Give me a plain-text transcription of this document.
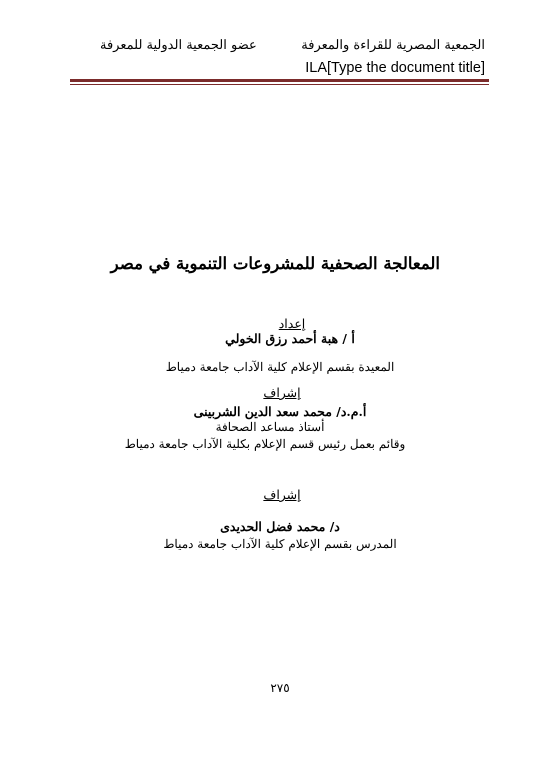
الجمعية المصرية للقراءة والمعرفة
عضو الجمعية الدولية للمعرفة
ILA[Type the document title]
المعالجة الصحفية للمشروعات التنموية في مصر
إعداد
أ / هبة أحمد رزق الخولي
المعيدة بقسم الإعلام كلية الآداب جامعة دمياط
إشراف
أ.م.د/ محمد سعد الدين الشربينى
أستاذ مساعد الصحافة
وقائم بعمل رئيس قسم الإعلام بكلية الآداب جامعة دمياط
إشراف
د/ محمد فضل الحديدى
المدرس بقسم الإعلام كلية الآداب جامعة دمياط
٢٧٥
